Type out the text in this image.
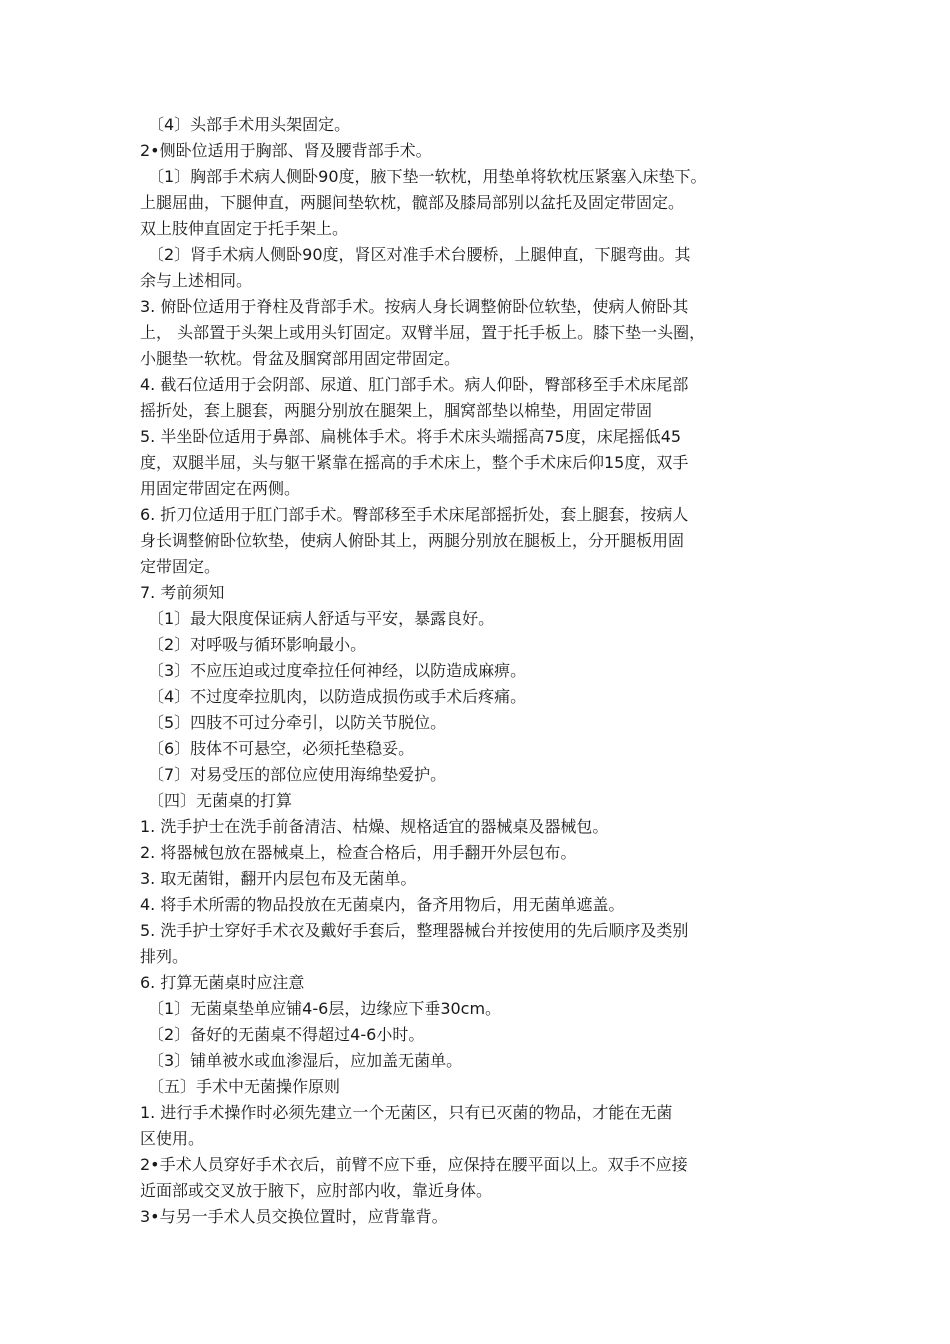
〔4〕头部手术用头架固定。
2•侧卧位适用于胸部、肾及腰背部手术。
〔1〕胸部手术病人侧卧90度，腋下垫一软枕，用垫单将软枕压紧塞入床垫下。
上腿屈曲，下腿伸直，两腿间垫软枕，髋部及膝局部别以盆托及固定带固定。
双上肢伸直固定于托手架上。
〔2〕肾手术病人侧卧90度，肾区对准手术台腰桥，上腿伸直，下腿弯曲。其
余与上述相同。
3. 俯卧位适用于脊柱及背部手术。按病人身长调整俯卧位软垫，使病人俯卧其
上， 头部置于头架上或用头钉固定。双臂半屈，置于托手板上。膝下垫一头圈，
小腿垫一软枕。骨盆及腘窝部用固定带固定。
4. 截石位适用于会阴部、尿道、肛门部手术。病人仰卧，臀部移至手术床尾部
摇折处，套上腿套，两腿分别放在腿架上，腘窝部垫以棉垫，用固定带固
5. 半坐卧位适用于鼻部、扁桃体手术。将手术床头端摇高75度，床尾摇低45
度，双腿半屈，头与躯干紧靠在摇高的手术床上，整个手术床后仰15度，双手
用固定带固定在两侧。
6. 折刀位适用于肛门部手术。臀部移至手术床尾部摇折处，套上腿套，按病人
身长调整俯卧位软垫，使病人俯卧其上，两腿分别放在腿板上，分开腿板用固
定带固定。
7. 考前须知
〔1〕最大限度保证病人舒适与平安，暴露良好。
〔2〕对呼吸与循环影响最小。
〔3〕不应压迫或过度牵拉任何神经，以防造成麻痹。
〔4〕不过度牵拉肌肉，以防造成损伤或手术后疼痛。
〔5〕四肢不可过分牵引，以防关节脱位。
〔6〕肢体不可悬空，必须托垫稳妥。
〔7〕对易受压的部位应使用海绵垫爱护。
〔四〕无菌桌的打算
1. 洗手护士在洗手前备清洁、枯燥、规格适宜的器械桌及器械包。
2. 将器械包放在器械桌上，检查合格后，用手翻开外层包布。
3. 取无菌钳，翻开内层包布及无菌单。
4. 将手术所需的物品投放在无菌桌内，备齐用物后，用无菌单遮盖。
5. 洗手护士穿好手术衣及戴好手套后，整理器械台并按使用的先后顺序及类别
排列。
6. 打算无菌桌时应注意
〔1〕无菌桌垫单应铺4-6层，边缘应下垂30cm。
〔2〕备好的无菌桌不得超过4-6小时。
〔3〕铺单被水或血渗湿后，应加盖无菌单。
〔五〕手术中无菌操作原则
1. 进行手术操作时必须先建立一个无菌区，只有已灭菌的物品，才能在无菌
区使用。
2•手术人员穿好手术衣后，前臂不应下垂，应保持在腰平面以上。双手不应接
近面部或交叉放于腋下，应肘部内收，靠近身体。
3•与另一手术人员交换位置时，应背靠背。
